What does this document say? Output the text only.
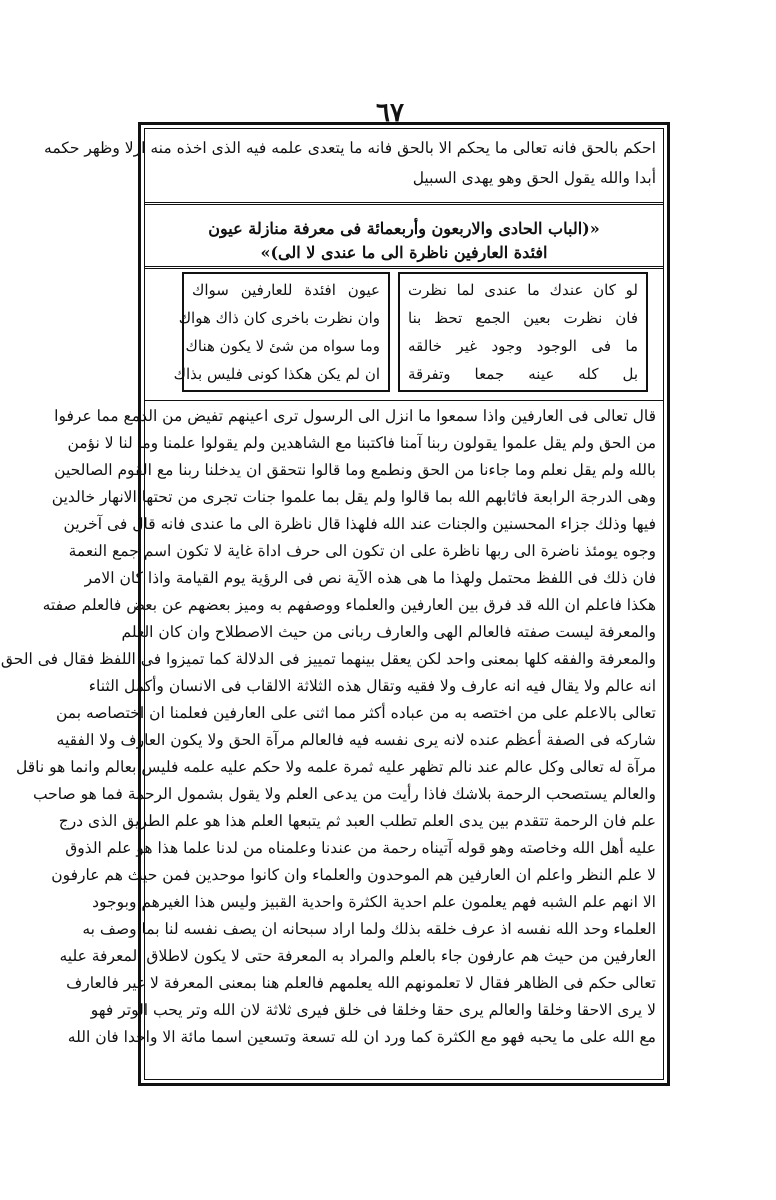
٦٧
احكم بالحق فانه تعالى ما يحكم الا بالحق فانه ما يتعدى علمه فيه الذى اخذه منه ازلا وظهر حكمه
أبدا والله يقول الحق وهو يهدى السبيل
«(الباب الحادى والاربعون وأربعمائة فى معرفة منازلة عيون
افئدة العارفين ناظرة الى ما عندى لا الى)»
لو كان عندك ما عندى لما نظرت
فان نظرت بعين الجمع تحظ بنا
ما فى الوجود وجود غير خالقه
بل كله عينه جمعا وتفرقة
عيون افئدة للعارفين سواك
وان نظرت باخرى كان ذاك هواك
وما سواه من شئ لا يكون هناك
ان لم يكن هكذا كونى فليس بذاك
قال تعالى فى العارفين واذا سمعوا ما انزل الى الرسول ترى اعينهم تفيض من الدمع مما عرفوا
من الحق ولم يقل علموا يقولون ربنا آمنا فاكتبنا مع الشاهدين ولم يقولوا علمنا وما لنا لا نؤمن
بالله ولم يقل نعلم وما جاءنا من الحق ونطمع وما قالوا نتحقق ان يدخلنا ربنا مع القوم الصالحين
وهى الدرجة الرابعة فاثابهم الله بما قالوا ولم يقل بما علموا جنات تجرى من تحتها الانهار خالدين
فيها وذلك جزاء المحسنين والجنات عند الله فلهذا قال ناظرة الى ما عندى فانه قال فى آخرين
وجوه يومئذ ناضرة الى ربها ناظرة على ان تكون الى حرف اداة غاية لا تكون اسم جمع النعمة
فان ذلك فى اللفظ محتمل ولهذا ما هى هذه الآية نص فى الرؤية يوم القيامة واذا كان الامر
هكذا فاعلم ان الله قد فرق بين العارفين والعلماء ووصفهم به وميز بعضهم عن بعض فالعلم صفته
والمعرفة ليست صفته فالعالم الهى والعارف ربانى من حيث الاصطلاح وان كان العلم
والمعرفة والفقه كلها بمعنى واحد لكن يعقل بينهما تمييز فى الدلالة كما تميزوا فى اللفظ فقال فى الحق
انه عالم ولا يقال فيه انه عارف ولا فقيه وتقال هذه الثلاثة الالقاب فى الانسان وأكمل الثناء
تعالى بالاعلم على من اختصه به من عباده أكثر مما اثنى على العارفين فعلمنا ان اختصاصه بمن
شاركه فى الصفة أعظم عنده لانه يرى نفسه فيه فالعالم مرآة الحق ولا يكون العارف ولا الفقيه
مرآة له تعالى وكل عالم عند نالم تظهر عليه ثمرة علمه ولا حكم عليه علمه فليس بعالم وانما هو ناقل
والعالم يستصحب الرحمة بلاشك فاذا رأيت من يدعى العلم ولا يقول بشمول الرحمة فما هو صاحب
علم فان الرحمة تتقدم بين يدى العلم تطلب العبد ثم يتبعها العلم هذا هو علم الطريق الذى درج
عليه أهل الله وخاصته وهو قوله آتيناه رحمة من عندنا وعلمناه من لدنا علما هذا هو علم الذوق
لا علم النظر واعلم ان العارفين هم الموحدون والعلماء وان كانوا موحدين فمن حيث هم عارفون
الا انهم علم الشبه فهم يعلمون علم احدية الكثرة واحدية القبيز وليس هذا الغيرهم وبوجود
العلماء وحد الله نفسه اذ عرف خلقه بذلك ولما اراد سبحانه ان يصف نفسه لنا بما وصف به
العارفين من حيث هم عارفون جاء بالعلم والمراد به المعرفة حتى لا يكون لاطلاق المعرفة عليه
تعالى حكم فى الظاهر فقال لا تعلمونهم الله يعلمهم فالعلم هنا بمعنى المعرفة لا غير فالعارف
لا يرى الاحقا وخلقا والعالم يرى حقا وخلقا فى خلق فيرى ثلاثة لان الله وتر يحب الوتر فهو
مع الله على ما يحبه فهو مع الكثرة كما ورد ان لله تسعة وتسعين اسما مائة الا واحدا فان الله
